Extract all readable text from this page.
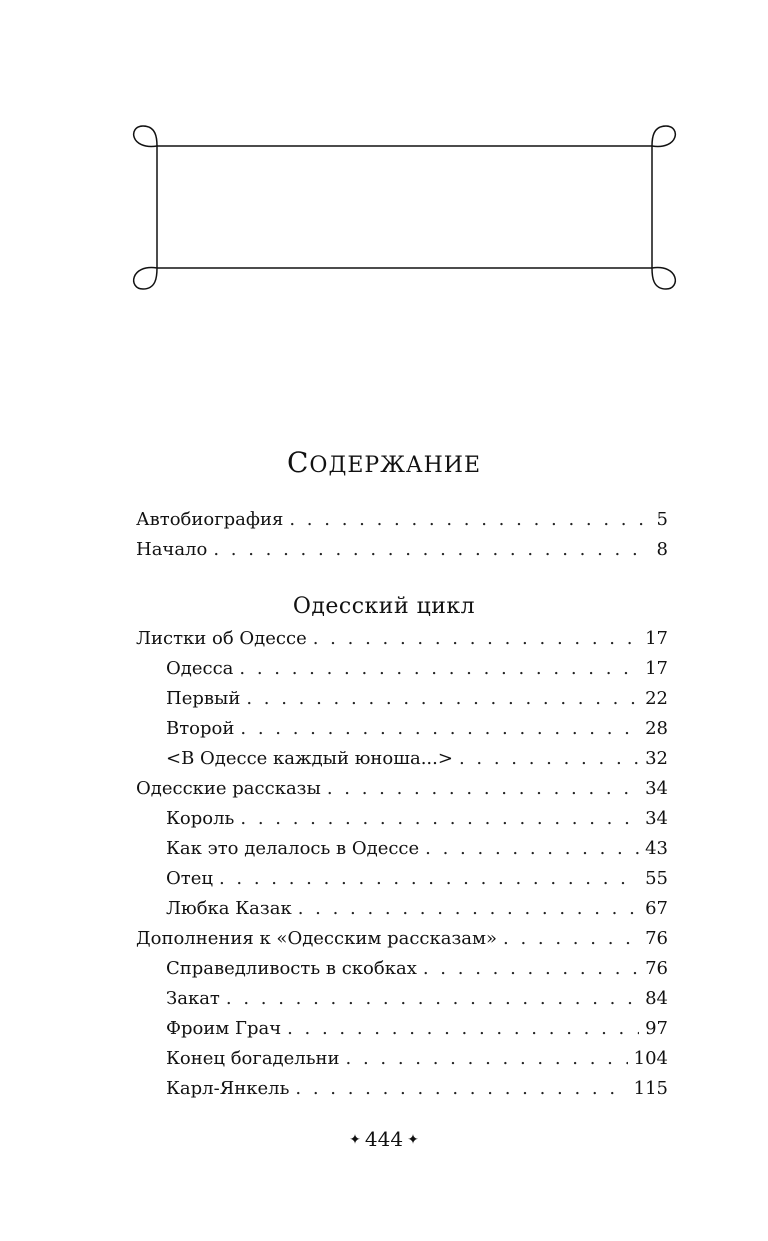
СОДЕРЖАНИЕ
Автобиография . . .	5
Начало . . .	8
Одесский цикл
Листки об Одессе . . .	17
Одесса . . .	17
Первый . . .	22
Второй . . .	28
<В Одессе каждый юноша...> . . .	32
Одесские рассказы . . .	34
Король . . .	34
Как это делалось в Одессе . . .	43
Отец . . .	55
Любка Казак . . .	67
Дополнения к «Одесским рассказам» . . .	76
Справедливость в скобках . . .	76
Закат . . .	84
Фроим Грач . . .	97
Конец богадельни . . .	104
Карл-Янкель . . .	115
✦ 444 ✦
